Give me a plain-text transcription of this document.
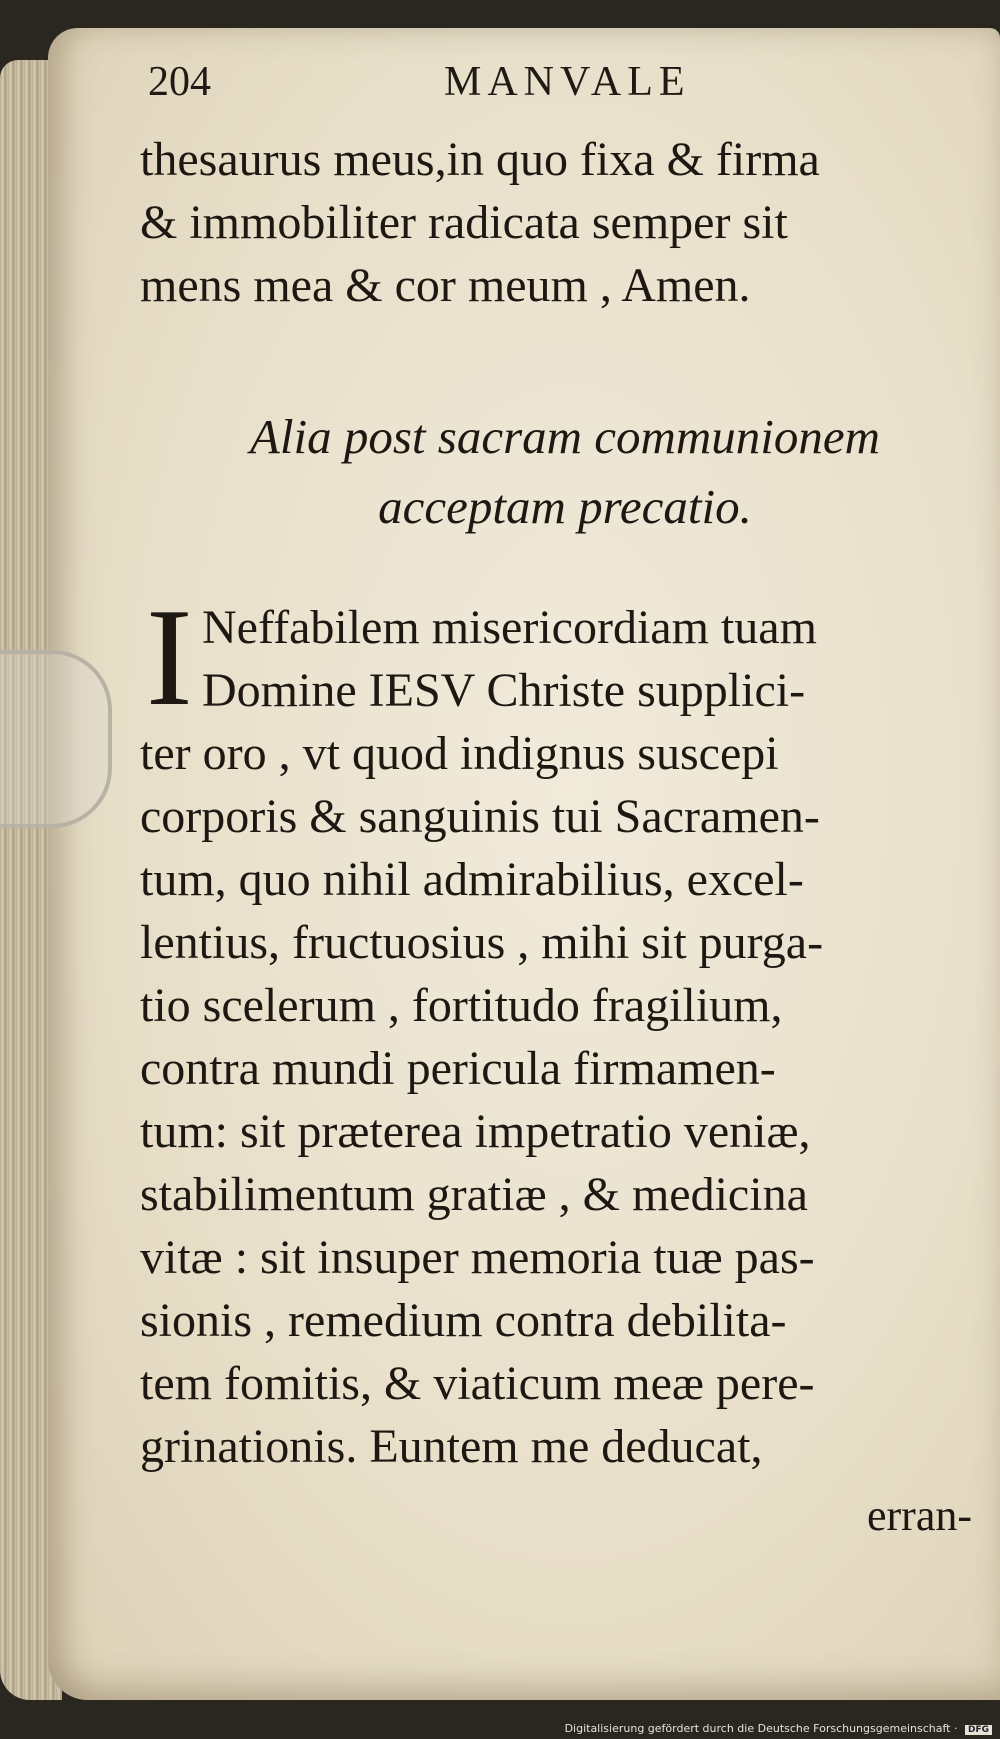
204	MANVALE
thesaurus meus,in quo fixa & firma
& immobiliter radicata semper sit
mens mea & cor meum , Amen.
Alia post sacram communionem
acceptam precatio.
I Neffabilem misericordiam tuam
Domine IESV Christe supplici-
ter oro , vt quod indignus suscepi
corporis & sanguinis tui Sacramen-
tum, quo nihil admirabilius, excel-
lentius, fructuosius , mihi sit purga-
tio scelerum , fortitudo fragilium,
contra mundi pericula firmamen-
tum: sit præterea impetratio veniæ,
stabilimentum gratiæ , & medicina
vitæ : sit insuper memoria tuæ pas-
sionis , remedium contra debilita-
tem fomitis, & viaticum meæ pere-
grinationis. Euntem me deducat,
erran-
Digitalisierung gefördert durch die Deutsche Forschungsgemeinschaft · DFG
